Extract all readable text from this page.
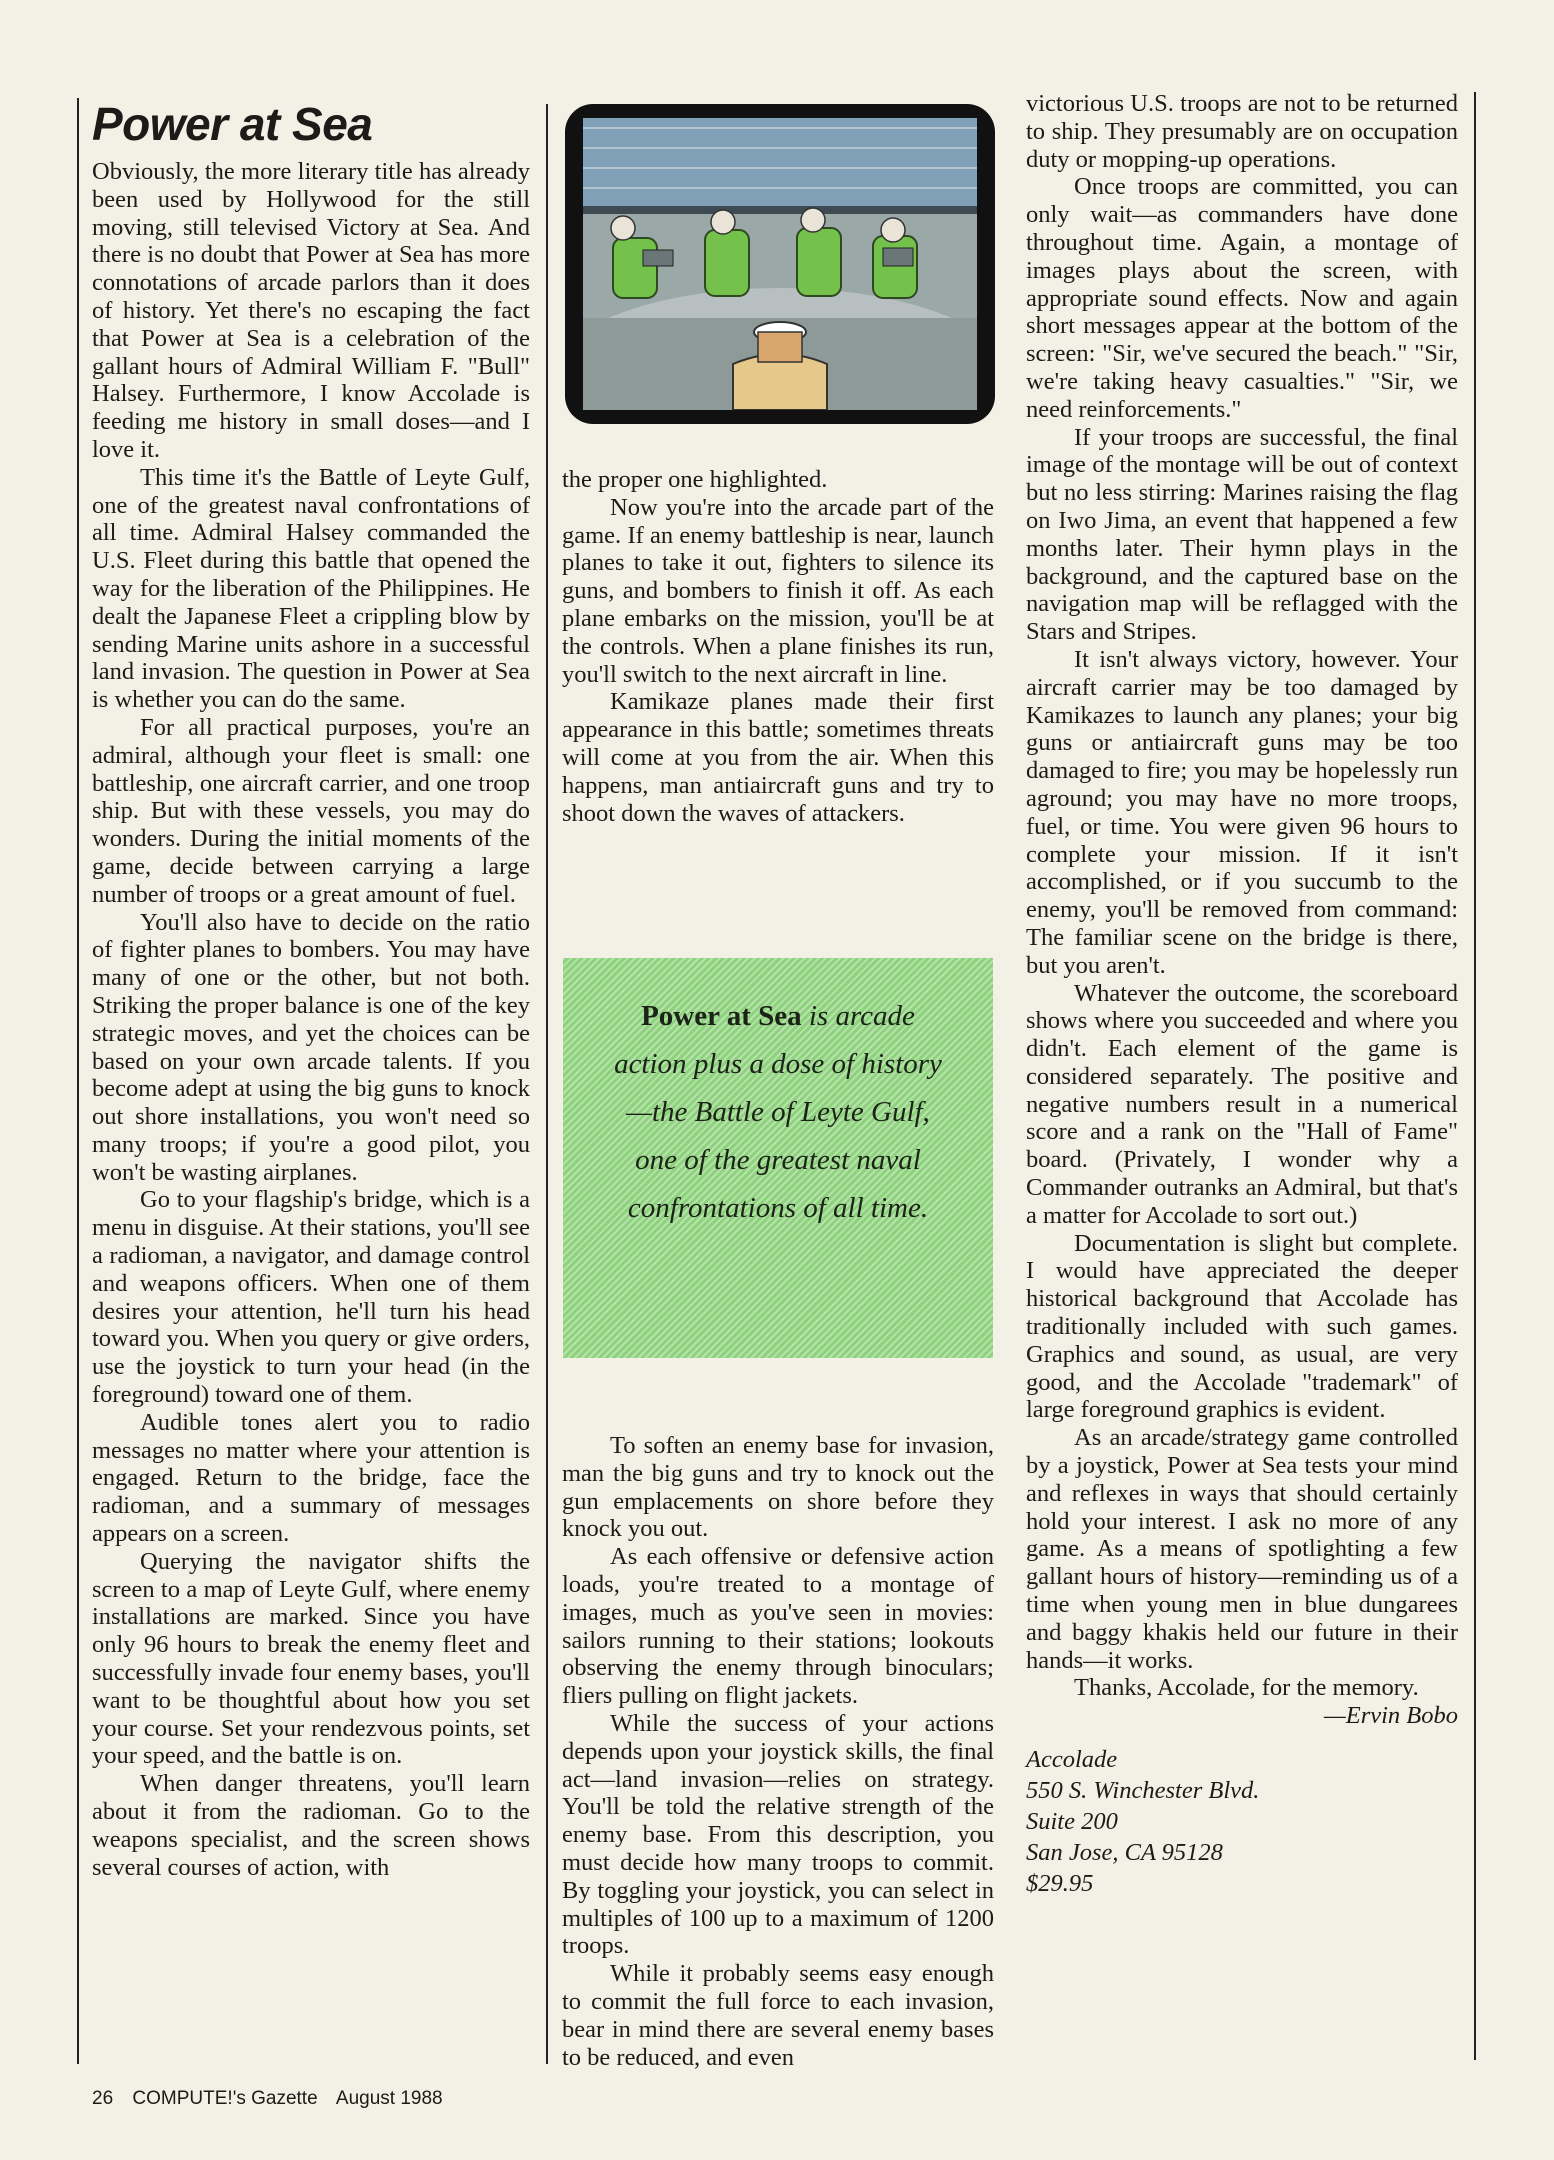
Power at Sea

Obviously, the more literary title has already been used by Hollywood for the still moving, still televised Victory at Sea. And there is no doubt that Power at Sea has more connotations of arcade parlors than it does of history. Yet there's no escaping the fact that Power at Sea is a celebration of the gallant hours of Admiral William F. "Bull" Halsey. Furthermore, I know Accolade is feeding me history in small doses—and I love it.

This time it's the Battle of Leyte Gulf, one of the greatest naval confrontations of all time. Admiral Halsey commanded the U.S. Fleet during this battle that opened the way for the liberation of the Philippines. He dealt the Japanese Fleet a crippling blow by sending Marine units ashore in a successful land invasion. The question in Power at Sea is whether you can do the same.

For all practical purposes, you're an admiral, although your fleet is small: one battleship, one aircraft carrier, and one troop ship. But with these vessels, you may do wonders. During the initial moments of the game, decide between carrying a large number of troops or a great amount of fuel.

You'll also have to decide on the ratio of fighter planes to bombers. You may have many of one or the other, but not both. Striking the proper balance is one of the key strategic moves, and yet the choices can be based on your own arcade talents. If you become adept at using the big guns to knock out shore installations, you won't need so many troops; if you're a good pilot, you won't be wasting airplanes.

Go to your flagship's bridge, which is a menu in disguise. At their stations, you'll see a radioman, a navigator, and damage control and weapons officers. When one of them desires your attention, he'll turn his head toward you. When you query or give orders, use the joystick to turn your head (in the foreground) toward one of them.

Audible tones alert you to radio messages no matter where your attention is engaged. Return to the bridge, face the radioman, and a summary of messages appears on a screen.

Querying the navigator shifts the screen to a map of Leyte Gulf, where enemy installations are marked. Since you have only 96 hours to break the enemy fleet and successfully invade four enemy bases, you'll want to be thoughtful about how you set your course. Set your rendezvous points, set your speed, and the battle is on.

When danger threatens, you'll learn about it from the radioman. Go to the weapons specialist, and the screen shows several courses of action, with

the proper one highlighted.

Now you're into the arcade part of the game. If an enemy battleship is near, launch planes to take it out, fighters to silence its guns, and bombers to finish it off. As each plane embarks on the mission, you'll be at the controls. When a plane finishes its run, you'll switch to the next aircraft in line.

Kamikaze planes made their first appearance in this battle; sometimes threats will come at you from the air. When this happens, man antiaircraft guns and try to shoot down the waves of attackers.

Power at Sea is arcade action plus a dose of history—the Battle of Leyte Gulf, one of the greatest naval confrontations of all time.

To soften an enemy base for invasion, man the big guns and try to knock out the gun emplacements on shore before they knock you out.

As each offensive or defensive action loads, you're treated to a montage of images, much as you've seen in movies: sailors running to their stations; lookouts observing the enemy through binoculars; fliers pulling on flight jackets.

While the success of your actions depends upon your joystick skills, the final act—land invasion—relies on strategy. You'll be told the relative strength of the enemy base. From this description, you must decide how many troops to commit. By toggling your joystick, you can select in multiples of 100 up to a maximum of 1200 troops.

While it probably seems easy enough to commit the full force to each invasion, bear in mind there are several enemy bases to be reduced, and even

victorious U.S. troops are not to be returned to ship. They presumably are on occupation duty or mopping-up operations.

Once troops are committed, you can only wait—as commanders have done throughout time. Again, a montage of images plays about the screen, with appropriate sound effects. Now and again short messages appear at the bottom of the screen: "Sir, we've secured the beach." "Sir, we're taking heavy casualties." "Sir, we need reinforcements."

If your troops are successful, the final image of the montage will be out of context but no less stirring: Marines raising the flag on Iwo Jima, an event that happened a few months later. Their hymn plays in the background, and the captured base on the navigation map will be reflagged with the Stars and Stripes.

It isn't always victory, however. Your aircraft carrier may be too damaged by Kamikazes to launch any planes; your big guns or antiaircraft guns may be too damaged to fire; you may be hopelessly run aground; you may have no more troops, fuel, or time. You were given 96 hours to complete your mission. If it isn't accomplished, or if you succumb to the enemy, you'll be removed from command: The familiar scene on the bridge is there, but you aren't.

Whatever the outcome, the scoreboard shows where you succeeded and where you didn't. Each element of the game is considered separately. The positive and negative numbers result in a numerical score and a rank on the "Hall of Fame" board. (Privately, I wonder why a Commander outranks an Admiral, but that's a matter for Accolade to sort out.)

Documentation is slight but complete. I would have appreciated the deeper historical background that Accolade has traditionally included with such games. Graphics and sound, as usual, are very good, and the Accolade "trademark" of large foreground graphics is evident.

As an arcade/strategy game controlled by a joystick, Power at Sea tests your mind and reflexes in ways that should certainly hold your interest. I ask no more of any game. As a means of spotlighting a few gallant hours of history—reminding us of a time when young men in blue dungarees and baggy khakis held our future in their hands—it works.

Thanks, Accolade, for the memory.

—Ervin Bobo

Accolade
550 S. Winchester Blvd.
Suite 200
San Jose, CA 95128
$29.95
26 COMPUTE!'s Gazette August 1988
